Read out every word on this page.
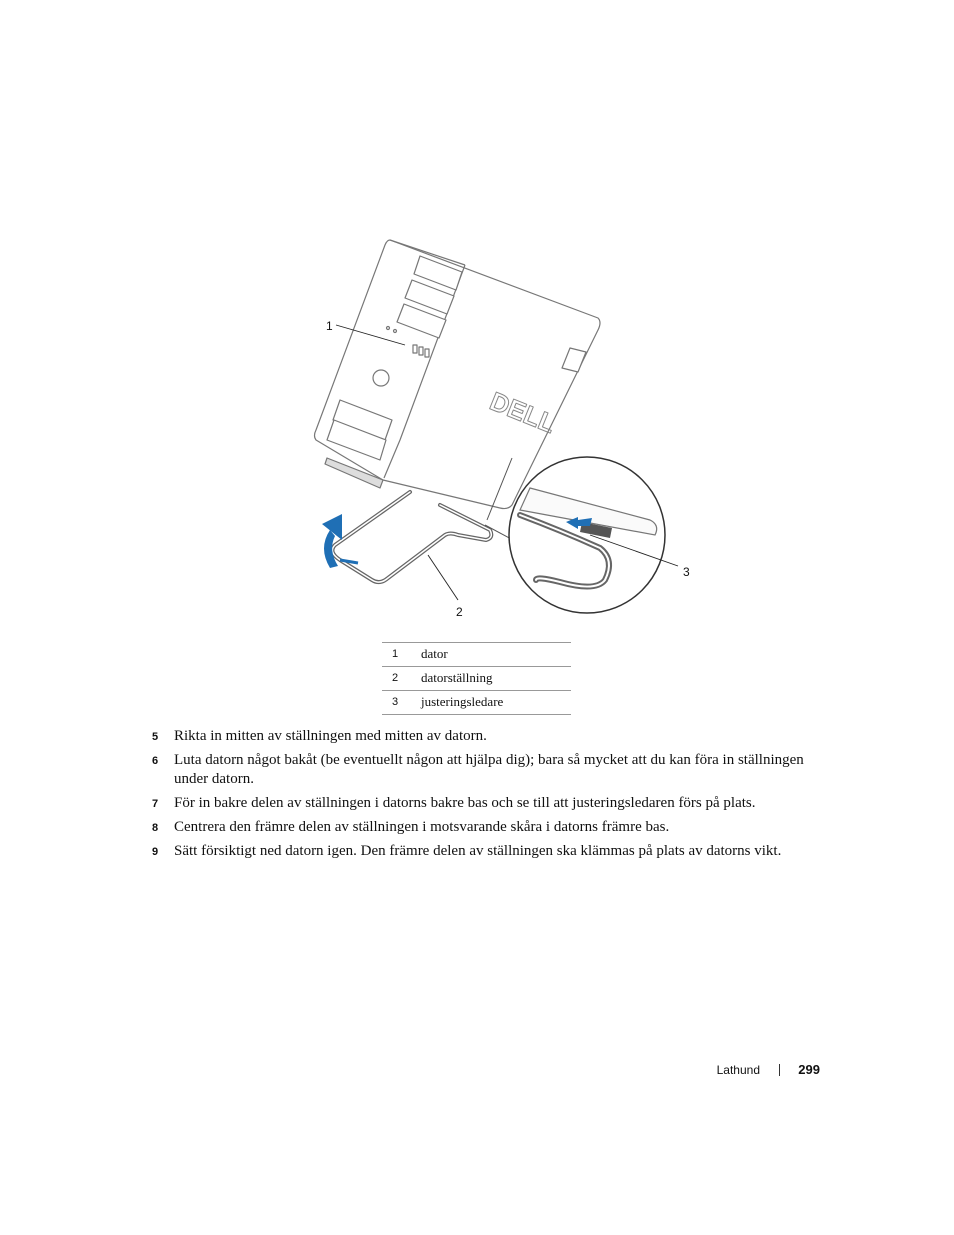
DELL
1
2
3
1	dator
2	datorställning
3	justeringsledare
5 Rikta in mitten av ställningen med mitten av datorn.
6 Luta datorn något bakåt (be eventuellt någon att hjälpa dig); bara så mycket att du kan föra in ställningen under datorn.
7 För in bakre delen av ställningen i datorns bakre bas och se till att justeringsledaren förs på plats.
8 Centrera den främre delen av ställningen i motsvarande skåra i datorns främre bas.
9 Sätt försiktigt ned datorn igen. Den främre delen av ställningen ska klämmas på plats av datorns vikt.
Lathund	299
